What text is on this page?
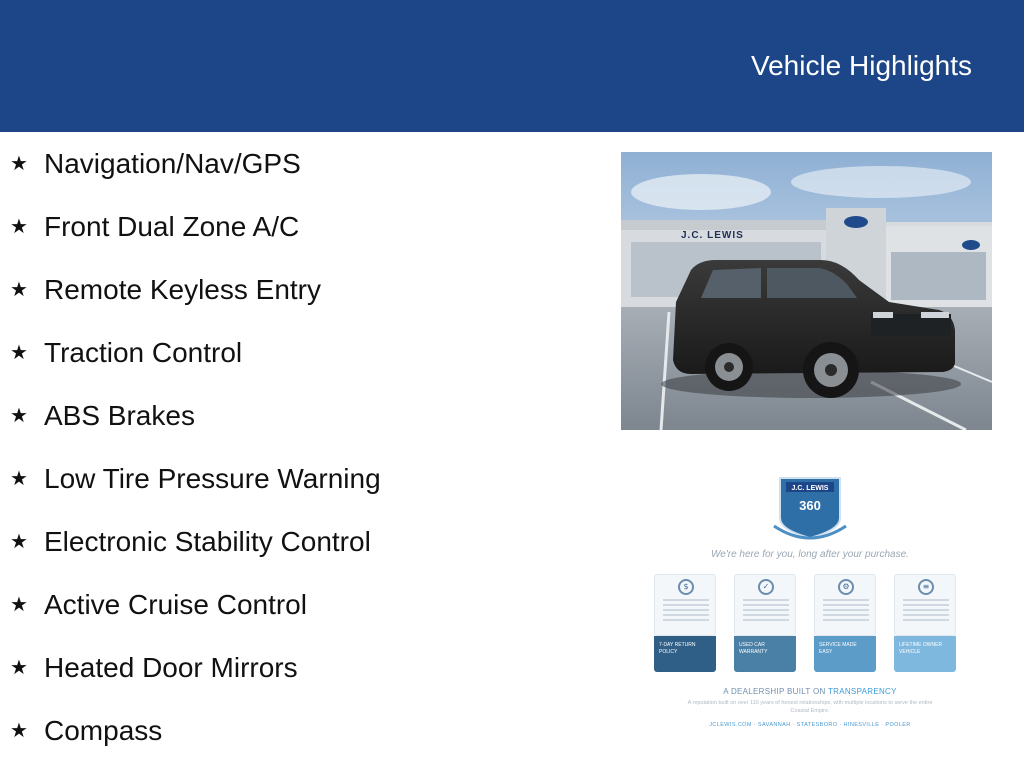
Vehicle Highlights
★ Navigation/Nav/GPS
★ Front Dual Zone A/C
★ Remote Keyless Entry
★ Traction Control
★ ABS Brakes
★ Low Tire Pressure Warning
★ Electronic Stability Control
★ Active Cruise Control
★ Heated Door Mirrors
★ Compass
J.C. LEWIS
J.C. LEWIS
360
We're here for you, long after your purchase.
$
7-DAY RETURN POLICY
✓
USED CAR WARRANTY
⚙
SERVICE MADE EASY
≡
LIFETIME OWNER VEHICLE
A DEALERSHIP BUILT ON TRANSPARENCY
A reputation built on over 110 years of honest relationships, with multiple locations to serve the entire Coastal Empire.
JCLEWIS.COM · SAVANNAH · STATESBORO · HINESVILLE · POOLER
